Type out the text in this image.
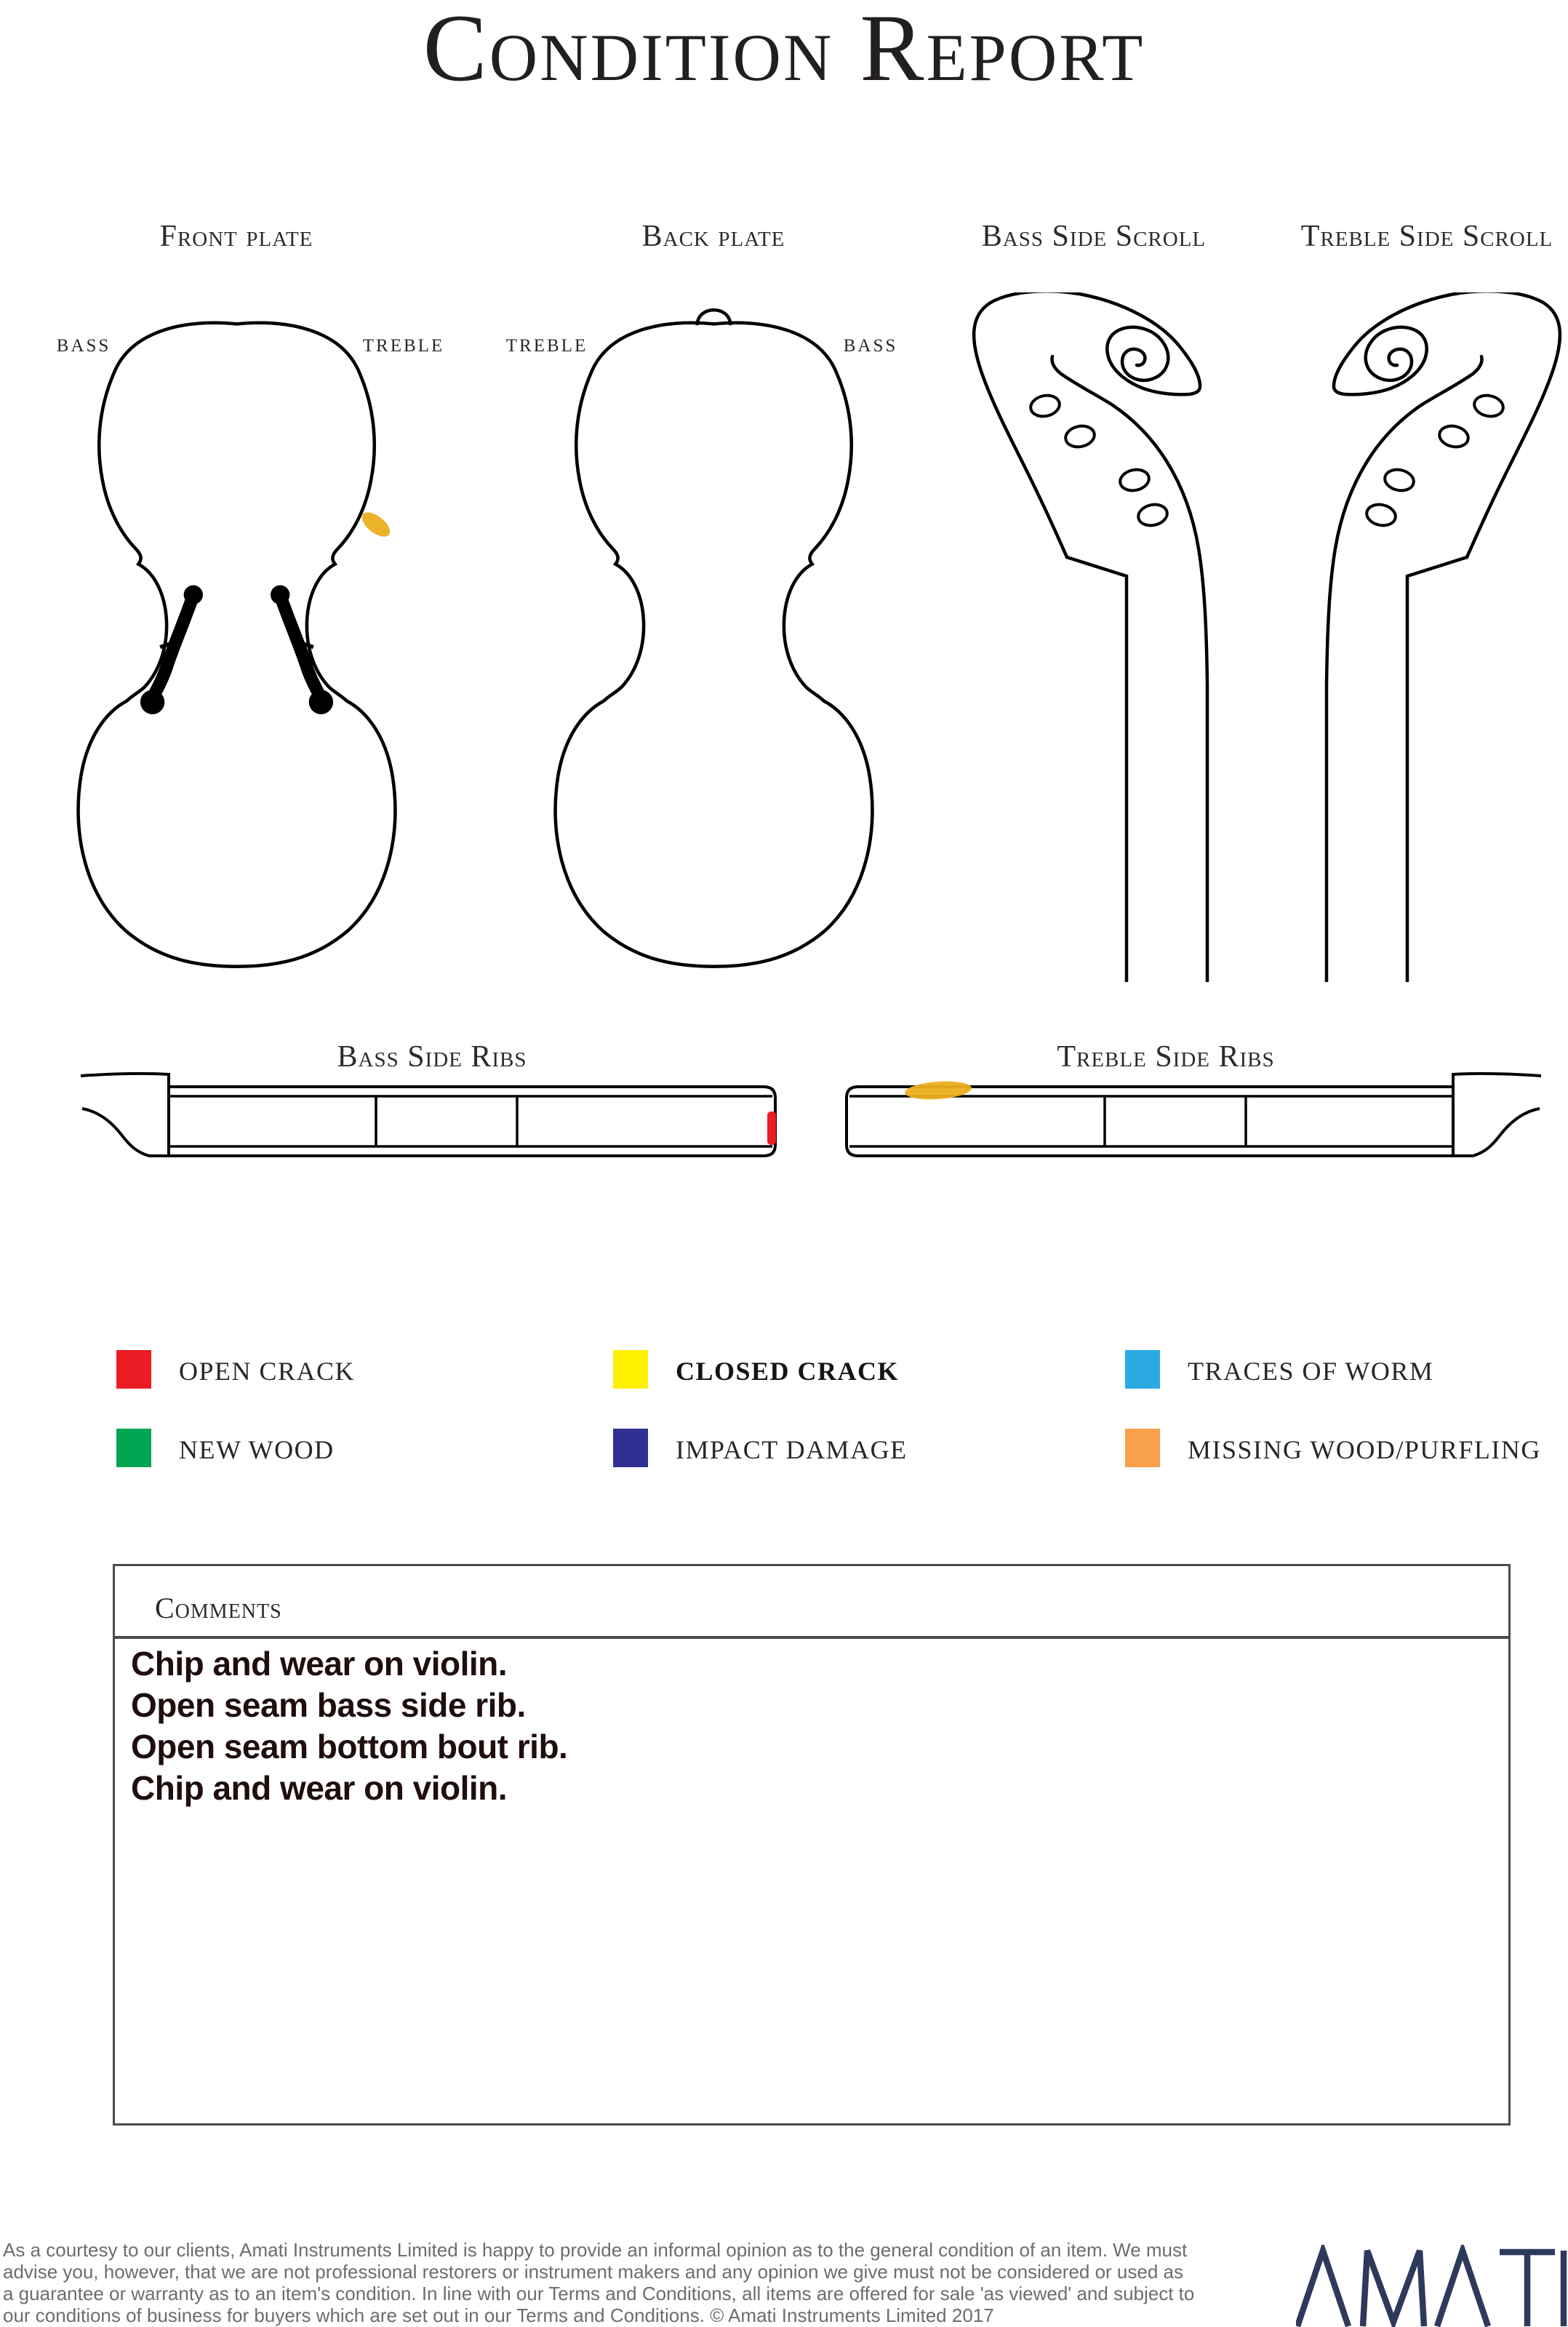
Condition Report
Front plate	Back plate	Bass Side Scroll	Treble Side Scroll
BASS	TREBLE	TREBLE	BASS
Bass Side Ribs	Treble Side Ribs
OPEN CRACK	CLOSED CRACK	TRACES OF WORM
NEW WOOD	IMPACT DAMAGE	MISSING WOOD/PURFLING
Comments
Chip and wear on violin.
Open seam bass side rib.
Open seam bottom bout rib.
Chip and wear on violin.
As a courtesy to our clients, Amati Instruments Limited is happy to provide an informal opinion as to the general condition of an item. We must
advise you, however, that we are not professional restorers or instrument makers and any opinion we give must not be considered or used as
a guarantee or warranty as to an item's condition. In line with our Terms and Conditions, all items are offered for sale 'as viewed' and subject to
our conditions of business for buyers which are set out in our Terms and Conditions. © Amati Instruments Limited 2017
